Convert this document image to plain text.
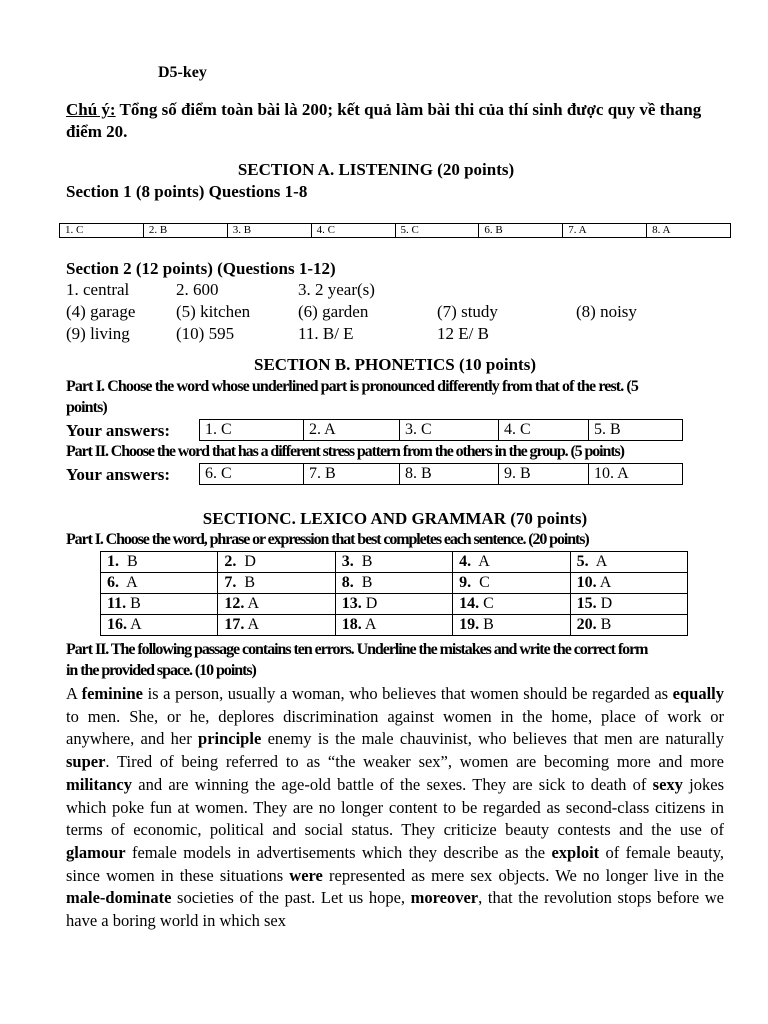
D5-key
Chú ý: Tổng số điểm toàn bài là 200; kết quả làm bài thi của thí sinh được quy về thang điểm 20.
SECTION A. LISTENING (20 points)
Section 1 (8 points) Questions 1-8
1. C	2. B	3. B	4. C	5. C	6. B	7. A	8. A
Section 2 (12 points) (Questions 1-12)
1. central	2. 600	3. 2 year(s)
(4) garage (5) kitchen	(6) garden	(7) study	(8) noisy
(9) living	(10) 595	11. B/ E	12 E/ B
SECTION B. PHONETICS (10 points)
Part I. Choose the word whose underlined part is pronounced differently from that of the rest. (5
points)
Your answers: 1. C	2. A	3. C	4. C	5. B
Part II. Choose the word that has a different stress pattern from the others in the group. (5 points)
Your answers: 6. C	7. B	8. B	9. B	10. A
SECTIONC. LEXICO AND GRAMMAR (70 points)
Part I. Choose the word, phrase or expression that best completes each sentence. (20 points)
1. B	2. D	3. B	4. A	5. A
6. A	7. B	8. B	9. C	10. A
11. B	12. A	13. D	14. C	15. D
16. A	17. A	18. A	19. B	20. B
Part II. The following passage contains ten errors. Underline the mistakes and write the correct form
in the provided space. (10 points)
A feminine is a person, usually a woman, who believes that women should be regarded as equally to men. She, or he, deplores discrimination against women in the home, place of work or anywhere, and her principle enemy is the male chauvinist, who believes that men are naturally super. Tired of being referred to as “the weaker sex”, women are becoming more and more militancy and are winning the age-old battle of the sexes. They are sick to death of sexy jokes which poke fun at women. They are no longer content to be regarded as second-class citizens in terms of economic, political and social status. They criticize beauty contests and the use of glamour female models in advertisements which they describe as the exploit of female beauty, since women in these situations were represented as mere sex objects. We no longer live in the male-dominate societies of the past. Let us hope, moreover, that the revolution stops before we have a boring world in which sex
